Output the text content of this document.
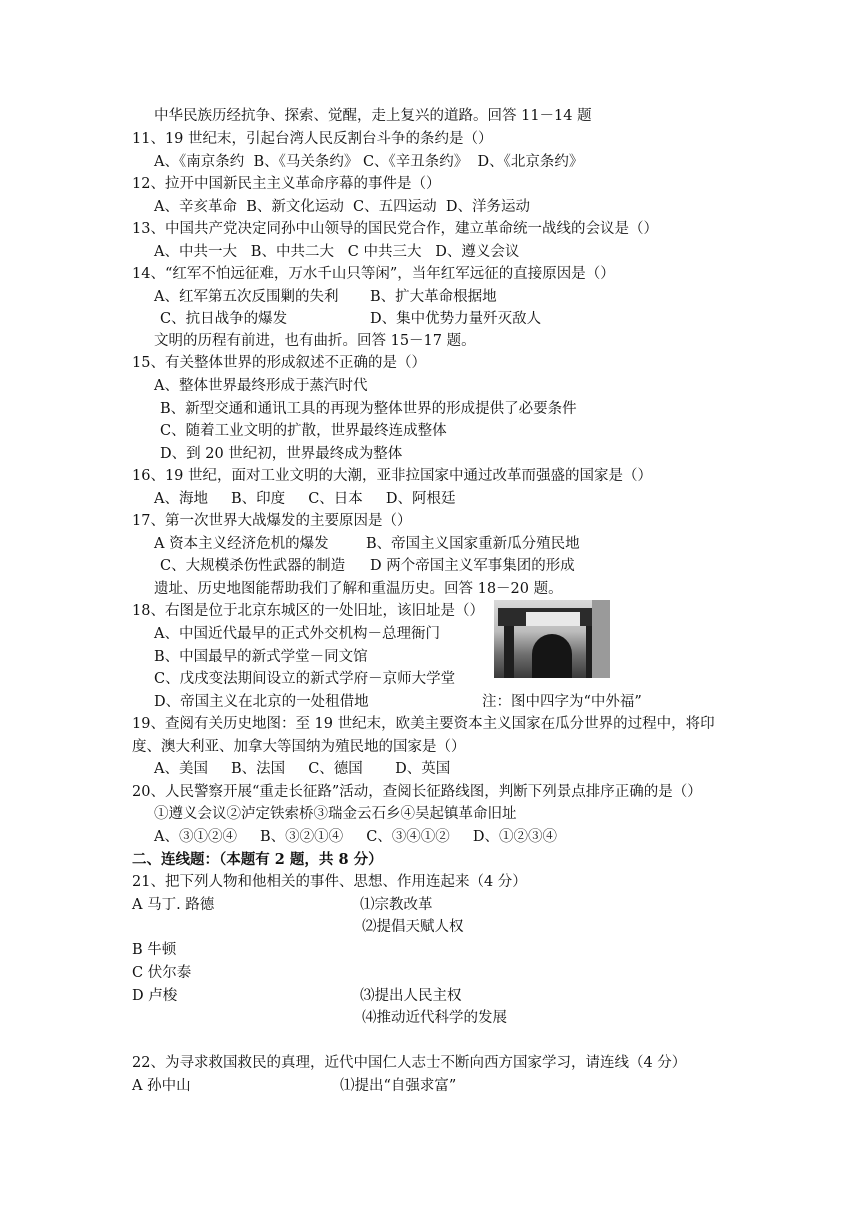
中华民族历经抗争、探索、觉醒，走上复兴的道路。回答 11－14 题
11、19 世纪末，引起台湾人民反割台斗争的条约是（）
A、《南京条约  B、《马关条约》 C、《辛丑条约》  D、《北京条约》
12、拉开中国新民主主义革命序幕的事件是（）
A、辛亥革命  B、新文化运动  C、五四运动  D、洋务运动
13、中国共产党决定同孙中山领导的国民党合作，建立革命统一战线的会议是（）
A、中共一大   B、中共二大   C 中共三大   D、遵义会议
14、“红军不怕远征难，万水千山只等闲”，当年红军远征的直接原因是（）
A、红军第五次反围剿的失利 B、扩大革命根据地
C、抗日战争的爆发	D、集中优势力量歼灭敌人
文明的历程有前进，也有曲折。回答 15－17 题。
15、有关整体世界的形成叙述不正确的是（）
A、整体世界最终形成于蒸汽时代
B、新型交通和通讯工具的再现为整体世界的形成提供了必要条件
C、随着工业文明的扩散，世界最终连成整体
D、到 20 世纪初，世界最终成为整体
16、19 世纪，面对工业文明的大潮，亚非拉国家中通过改革而强盛的国家是（）
A、海地     B、印度     C、日本     D、阿根廷
17、第一次世界大战爆发的主要原因是（）
A 资本主义经济危机的爆发	B、帝国主义国家重新瓜分殖民地
C、大规模杀伤性武器的制造 D 两个帝国主义军事集团的形成
遗址、历史地图能帮助我们了解和重温历史。回答 18－20 题。
18、右图是位于北京东城区的一处旧址，该旧址是（）
A、中国近代最早的正式外交机构－总理衙门
B、中国最早的新式学堂－同文馆
C、戊戌变法期间设立的新式学府－京师大学堂
D、帝国主义在北京的一处租借地	注：图中四字为“中外福”
19、查阅有关历史地图：至 19 世纪末，欧美主要资本主义国家在瓜分世界的过程中，将印
度、澳大利亚、加拿大等国纳为殖民地的国家是（）
A、美国     B、法国     C、德国       D、英国
20、人民警察开展“重走长征路”活动，查阅长征路线图，判断下列景点排序正确的是（）
①遵义会议②泸定铁索桥③瑞金云石乡④吴起镇革命旧址
A、③①②④     B、③②①④     C、③④①②     D、①②③④
二、连线题：（本题有 2 题，共 8 分）
21、把下列人物和他相关的事件、思想、作用连起来（4 分）
A 马丁. 路德	⑴宗教改革
⑵提倡天赋人权
B 牛顿
C 伏尔泰
D 卢梭	⑶提出人民主权
⑷推动近代科学的发展
22、为寻求救国救民的真理，近代中国仁人志士不断向西方国家学习，请连线（4 分）
A 孙中山	⑴提出“自强求富”
